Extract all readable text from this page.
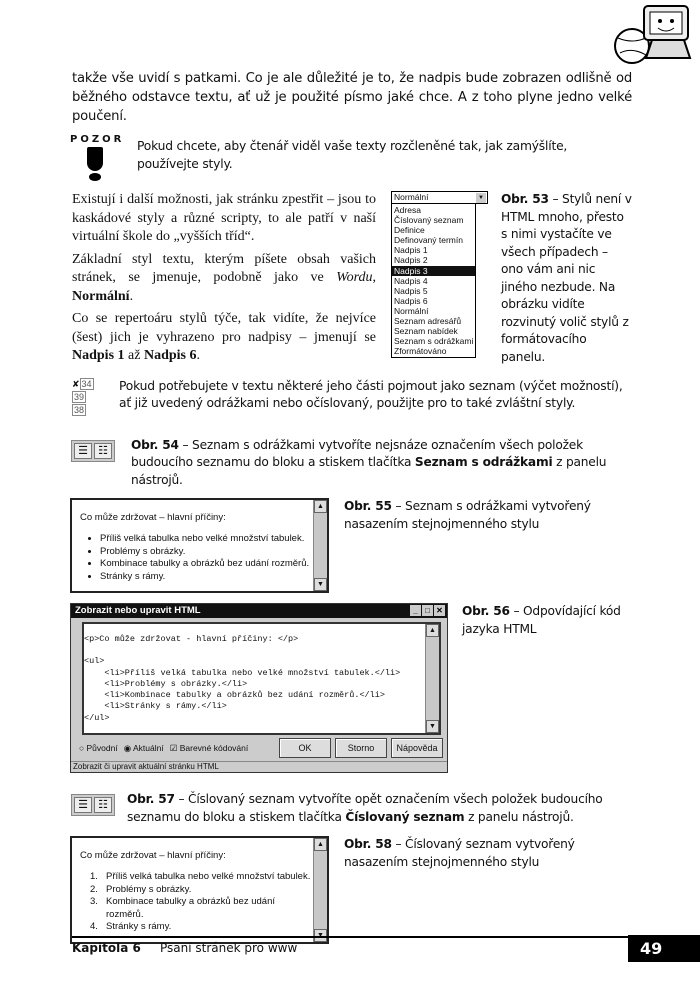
takže vše uvidí s patkami. Co je ale důležité je to, že nadpis bude zobrazen odlišně od běžného odstavce textu, ať už je použité písmo jaké chce. A z toho plyne jedno velké poučení.

POZOR Pokud chcete, aby čtenář viděl vaše texty rozčleněné tak, jak zamýšlíte, používejte styly.

Existují i další možnosti, jak stránku zpestřit – jsou to kaskádové styly a různé scripty, to ale patří v naší virtuální škole do „vyšších tříd“.

Základní styl textu, kterým píšete obsah vašich stránek, se jmenuje, podobně jako ve Wordu, Normální.

Co se repertoáru stylů týče, tak vidíte, že nejvíce (šest) jich je vyhrazeno pro nadpisy – jmenují se Nadpis 1 až Nadpis 6.

Normální	▼
Adresa
Číslovaný seznam
Definice
Definovaný termín
Nadpis 1
Nadpis 2
Nadpis 3
Nadpis 4
Nadpis 5
Nadpis 6
Normální
Seznam adresářů
Seznam nabídek
Seznam s odrážkami
Zformátováno

Obr. 53 – Stylů není v HTML mnoho, přesto s nimi vystačíte ve všech případech – ono vám ani nic jiného nezbude. Na obrázku vidíte rozvinutý volič stylů z formátovacího panelu.

✘ 34
39 38

Pokud potřebujete v textu některé jeho části pojmout jako seznam (výčet možností), ať již uvedený odrážkami nebo očíslovaný, použijte pro to také zvláštní styly.

☰ ☷	Obr. 54 – Seznam s odrážkami vytvoříte nejsnáze označením všech položek budoucího seznamu do bloku a stiskem tlačítka Seznam s odrážkami z panelu nástrojů.

Co může zdržovat – hlavní příčiny:
• Příliš velká tabulka nebo velké množství tabulek.
• Problémy s obrázky.
• Kombinace tabulky a obrázků bez udání rozměrů.
• Stránky s rámy.
▲
▼

Obr. 55 – Seznam s odrážkami vytvořený nasazením stejnojmenného stylu

Zobrazit nebo upravit HTML	_ □ ✕
<p>Co může zdržovat - hlavní příčiny: </p>
<ul>
<li>Příliš velká tabulka nebo velké množství tabulek.</li>
<li>Problémy s obrázky.</li>
<li>Kombinace tabulky a obrázků bez udání rozměrů.</li>
<li>Stránky s rámy.</li>
</ul>
▲
▼
○ Původní ◉ Aktuální ☑ Barevné kódování	OK	Storno	Nápověda
Zobrazit či upravit aktuální stránku HTML

Obr. 56 – Odpovídající kód jazyka HTML

☰ ☷	Obr. 57 – Číslovaný seznam vytvoříte opět označením všech položek budoucího seznamu do bloku a stiskem tlačítka Číslovaný seznam z panelu nástrojů.

Co může zdržovat – hlavní příčiny:
1. Příliš velká tabulka nebo velké množství tabulek.
2. Problémy s obrázky.
3. Kombinace tabulky a obrázků bez udání rozměrů.
4. Stránky s rámy.
▲
▼

Obr. 58 – Číslovaný seznam vytvořený nasazením stejnojmenného stylu

Kapitola 6 Psaní stránek pro www	49
